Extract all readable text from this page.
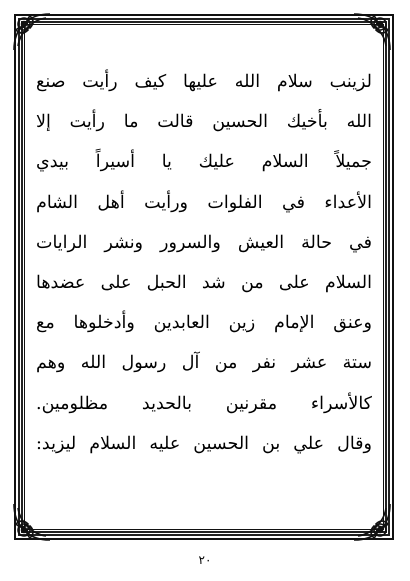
لزينب سلام الله عليها كيف رأيت صنع
الله بأخيك الحسين قالت ما رأيت إلا
جميلاً السلام عليك يا أسيراً بيدي
الأعداء في الفلوات ورأيت أهل الشام
في حالة العيش والسرور ونشر الرايات
السلام على من شد الحبل على عضدها
وعنق الإمام زين العابدين وأدخلوها مع
ستة عشر نفر من آل رسول الله وهم
كالأسراء مقرنين بالحديد مظلومين.
وقال علي بن الحسين عليه السلام ليزيد:
٢٠
